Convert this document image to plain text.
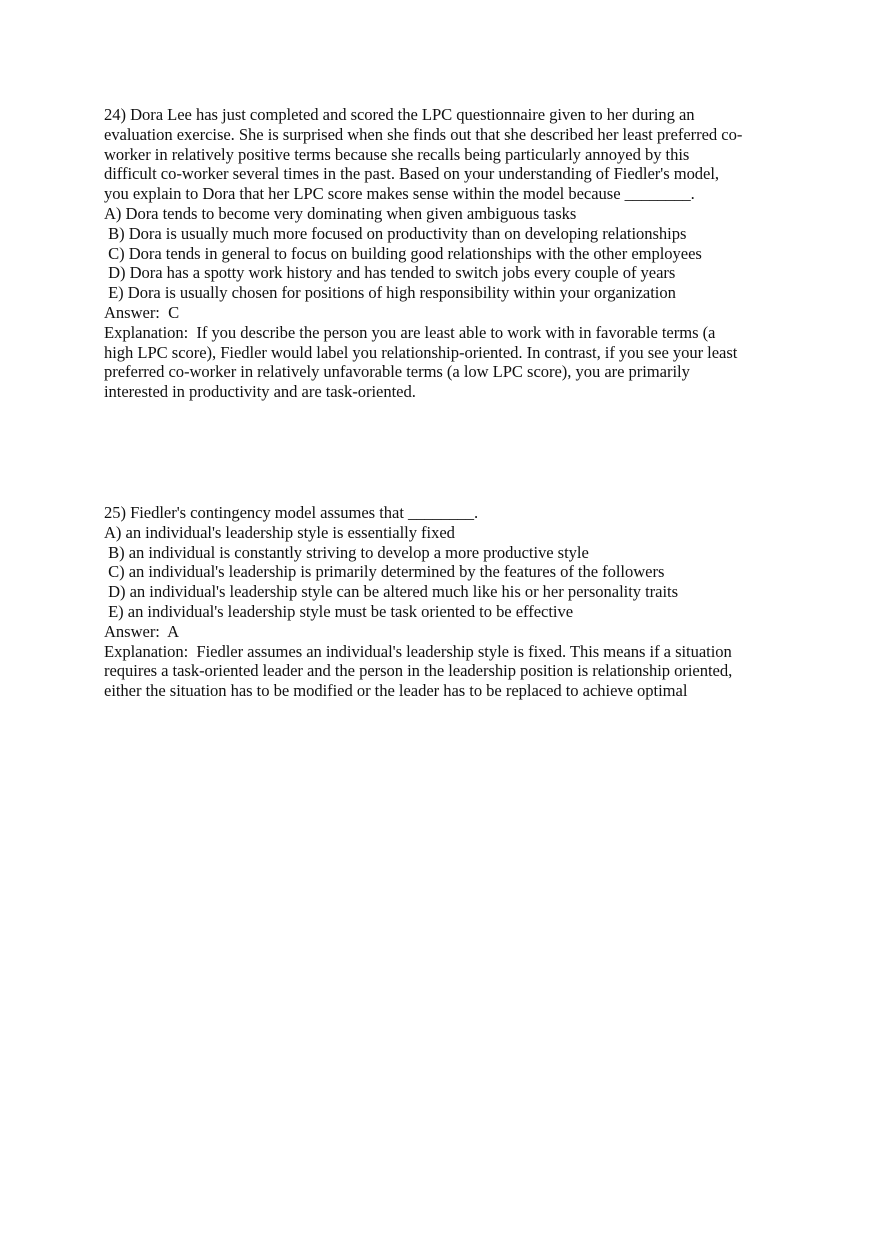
24) Dora Lee has just completed and scored the LPC questionnaire given to her during an
evaluation exercise. She is surprised when she finds out that she described her least preferred co-
worker in relatively positive terms because she recalls being particularly annoyed by this
difficult co-worker several times in the past. Based on your understanding of Fiedler's model,
you explain to Dora that her LPC score makes sense within the model because ________.
A) Dora tends to become very dominating when given ambiguous tasks
B) Dora is usually much more focused on productivity than on developing relationships
C) Dora tends in general to focus on building good relationships with the other employees
D) Dora has a spotty work history and has tended to switch jobs every couple of years
E) Dora is usually chosen for positions of high responsibility within your organization
Answer:  C
Explanation:  If you describe the person you are least able to work with in favorable terms (a
high LPC score), Fiedler would label you relationship-oriented. In contrast, if you see your least
preferred co-worker in relatively unfavorable terms (a low LPC score), you are primarily
interested in productivity and are task-oriented.
25) Fiedler's contingency model assumes that ________.
A) an individual's leadership style is essentially fixed
B) an individual is constantly striving to develop a more productive style
C) an individual's leadership is primarily determined by the features of the followers
D) an individual's leadership style can be altered much like his or her personality traits
E) an individual's leadership style must be task oriented to be effective
Answer:  A
Explanation:  Fiedler assumes an individual's leadership style is fixed. This means if a situation
requires a task-oriented leader and the person in the leadership position is relationship oriented,
either the situation has to be modified or the leader has to be replaced to achieve optimal
